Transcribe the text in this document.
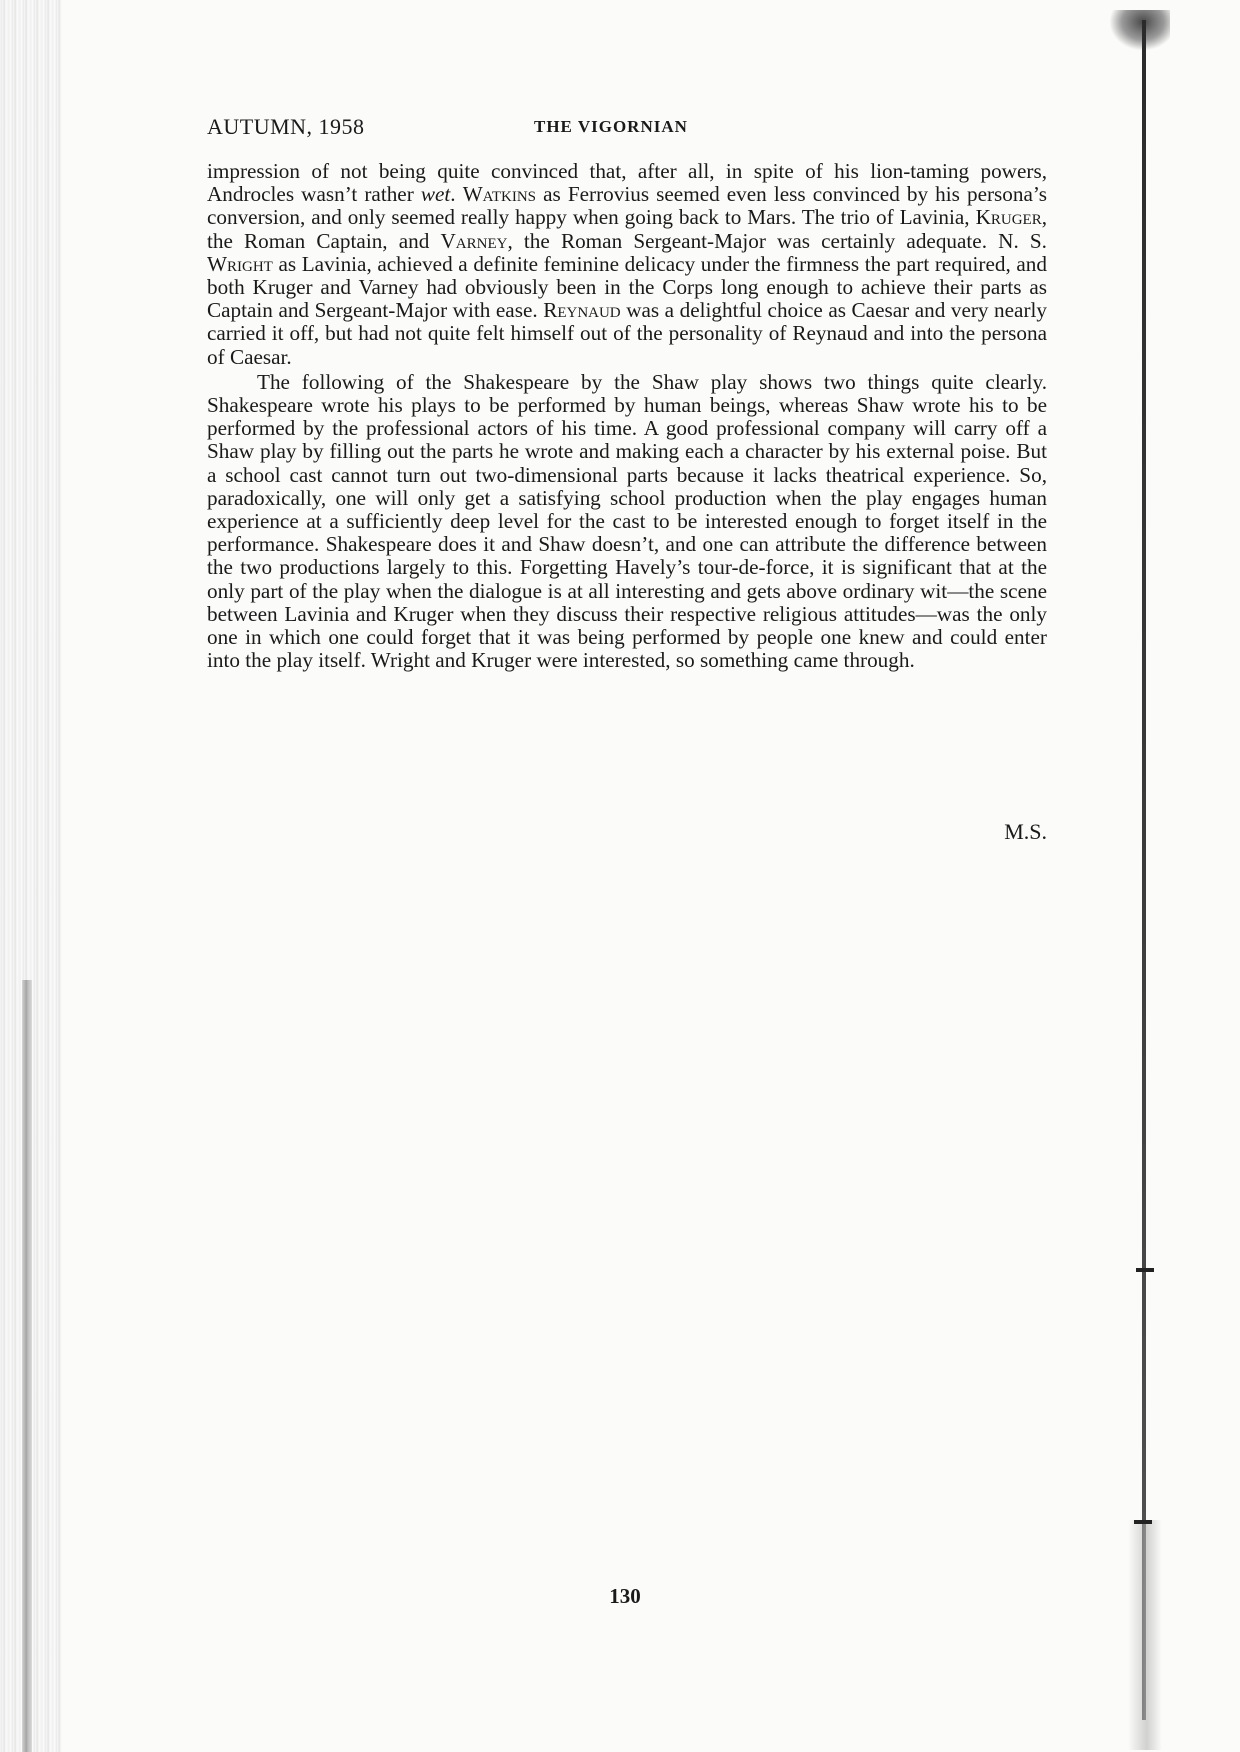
AUTUMN, 1958	THE VIGORNIAN

impression of not being quite convinced that, after all, in spite of his lion-taming powers, Androcles wasn’t rather wet. Watkins as Ferrovius seemed even less convinced by his persona’s conversion, and only seemed really happy when going back to Mars. The trio of Lavinia, Kruger, the Roman Captain, and Varney, the Roman Sergeant-Major was certainly adequate. N. S. Wright as Lavinia, achieved a definite feminine delicacy under the firmness the part required, and both Kruger and Varney had obviously been in the Corps long enough to achieve their parts as Captain and Sergeant-Major with ease. Reynaud was a delightful choice as Caesar and very nearly carried it off, but had not quite felt himself out of the personality of Reynaud and into the persona of Caesar.

The following of the Shakespeare by the Shaw play shows two things quite clearly. Shakespeare wrote his plays to be performed by human beings, whereas Shaw wrote his to be performed by the professional actors of his time. A good professional company will carry off a Shaw play by filling out the parts he wrote and making each a character by his external poise. But a school cast cannot turn out two-dimensional parts because it lacks theatrical experience. So, paradoxically, one will only get a satisfying school production when the play engages human experience at a sufficiently deep level for the cast to be interested enough to forget itself in the performance. Shakespeare does it and Shaw doesn’t, and one can attribute the difference between the two productions largely to this. Forgetting Havely’s tour-de-force, it is significant that at the only part of the play when the dialogue is at all interesting and gets above ordinary wit—the scene between Lavinia and Kruger when they discuss their respective religious attitudes—was the only one in which one could forget that it was being performed by people one knew and could enter into the play itself. Wright and Kruger were interested, so something came through.

M.S.
130
